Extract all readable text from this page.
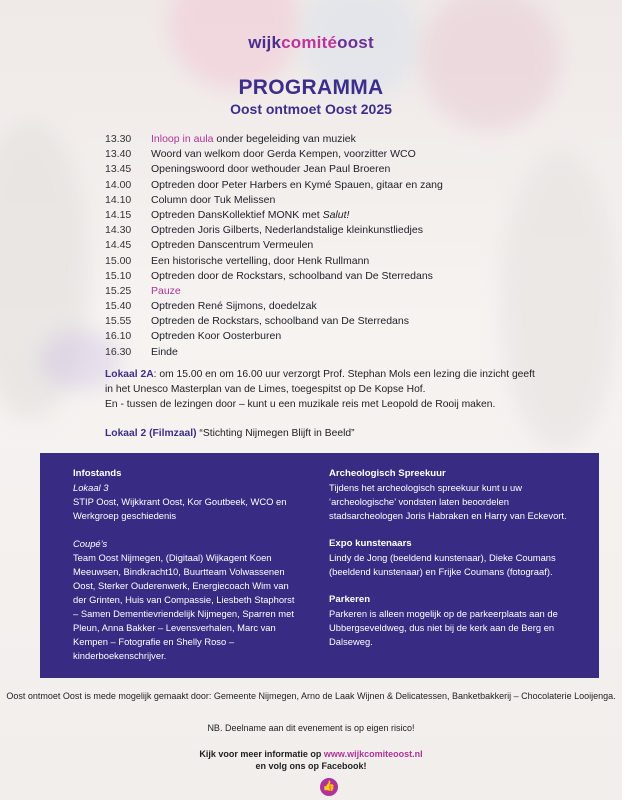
wijkcomitéoost
PROGRAMMA
Oost ontmoet Oost 2025
13.30 Inloop in aula onder begeleiding van muziek
13.40 Woord van welkom door Gerda Kempen, voorzitter WCO
13.45 Openingswoord door wethouder Jean Paul Broeren
14.00 Optreden door Peter Harbers en Kymé Spauen, gitaar en zang
14.10 Column door Tuk Melissen
14.15 Optreden DansKollektief MONK met Salut!
14.30 Optreden Joris Gilberts, Nederlandstalige kleinkunstliedjes
14.45 Optreden Danscentrum Vermeulen
15.00 Een historische vertelling, door Henk Rullmann
15.10 Optreden door de Rockstars, schoolband van De Sterredans
15.25 Pauze
15.40 Optreden René Sijmons, doedelzak
15.55 Optreden de Rockstars, schoolband van De Sterredans
16.10 Optreden Koor Oosterburen
16.30 Einde
Lokaal 2A: om 15.00 en om 16.00 uur verzorgt Prof. Stephan Mols een lezing die inzicht geeft in het Unesco Masterplan van de Limes, toegespitst op De Kopse Hof.
En - tussen de lezingen door – kunt u een muzikale reis met Leopold de Rooij maken.
Lokaal 2 (Filmzaal) “Stichting Nijmegen Blijft in Beeld”
Infostands
Lokaal 3

STIP Oost, Wijkkrant Oost, Kor Goutbeek, WCO en Werkgroep geschiedenis

Coupé’s

Team Oost Nijmegen, (Digitaal) Wijkagent Koen Meeuwsen, Bindkracht10, Buurtteam Volwassenen Oost, Sterker Ouderenwerk, Energiecoach Wim van der Grinten, Huis van Compassie, Liesbeth Staphorst – Samen Dementievriendelijk Nijmegen, Sparren met Pleun, Anna Bakker – Levensverhalen, Marc van Kempen – Fotografie en Shelly Roso – kinderboekenschrijver.

Archeologisch Spreekuur

Tijdens het archeologisch spreekuur kunt u uw ‘archeologische’ vondsten laten beoordelen stadsarcheologen Joris Habraken en Harry van Eckevort.

Expo kunstenaars

Lindy de Jong (beeldend kunstenaar), Dieke Coumans (beeldend kunstenaar) en Frijke Coumans (fotograaf).

Parkeren

Parkeren is alleen mogelijk op de parkeerplaats aan de Ubbergseveldweg, dus niet bij de kerk aan de Berg en Dalseweg.

Oost ontmoet Oost is mede mogelijk gemaakt door: Gemeente Nijmegen, Arno de Laak Wijnen & Delicatessen, Banketbakkerij – Chocolaterie Looijenga.
NB. Deelname aan dit evenement is op eigen risico!
Kijk voor meer informatie op www.wijkcomiteoost.nl
en volg ons op Facebook!
👍
